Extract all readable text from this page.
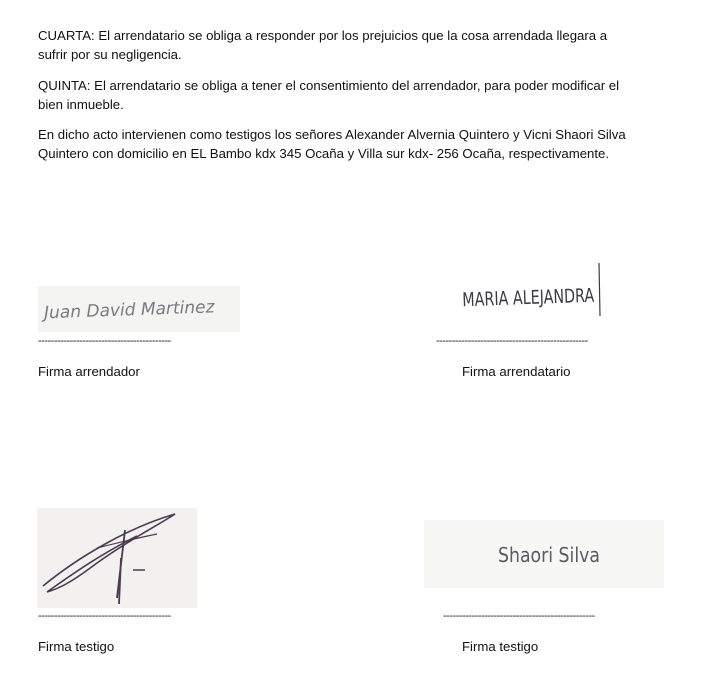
CUARTA: El arrendatario se obliga a responder por los prejuicios que la cosa arrendada llegara a sufrir por su negligencia.

QUINTA: El arrendatario se obliga a tener el consentimiento del arrendador, para poder modificar el bien inmueble.

En dicho acto intervienen como testigos los señores Alexander Alvernia Quintero y Vicni Shaori Silva Quintero con domicilio en EL Bambo kdx 345 Ocaña y Villa sur kdx- 256 Ocaña, respectivamente.

Juan David Martinez
------------------------------------------
Firma arrendador
MARIA ALEJANDRA
------------------------------------------------
Firma arrendatario
------------------------------------------
Firma testigo
Shaori Silva
------------------------------------------------
Firma testigo
